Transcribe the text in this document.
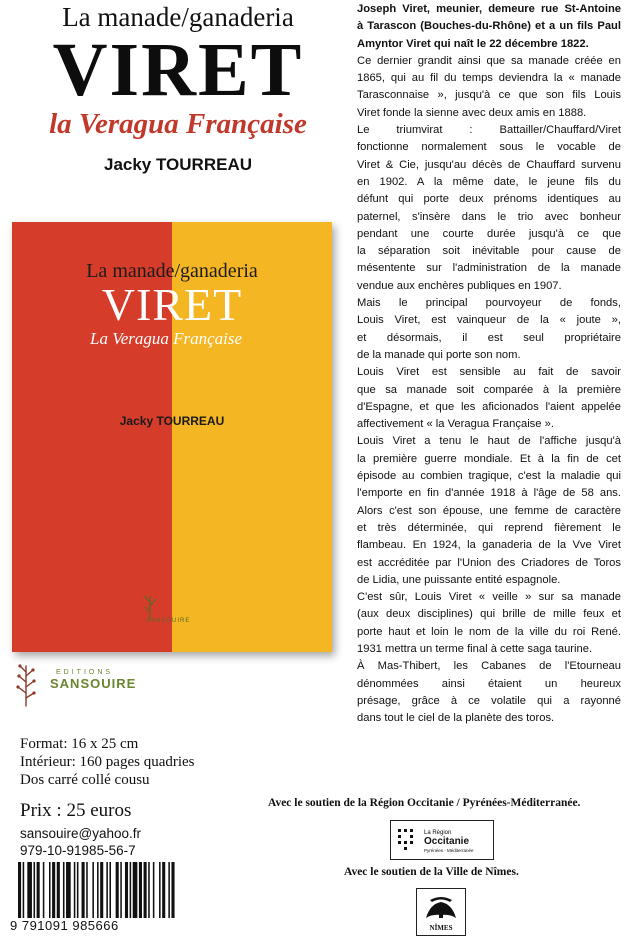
La manade/ganaderia
VIRET
la Veragua Française
Jacky TOURREAU
La manade/ganaderia
VIRET
La Veragua Française
Jacky TOURREAU
SANSOUIRE
EDITIONS
SANSOUIRE
Format: 16 x 25 cm
Intérieur: 160 pages quadries
Dos carré collé cousu
Prix : 25 euros
sansouire@yahoo.fr
979-10-91985-56-7
9 791091 985666
Joseph Viret, meunier, demeure rue St-Antoine
à Tarascon (Bouches-du-Rhône) et a un fils Paul
Amyntor Viret qui naît le 22 décembre 1822.
Ce dernier grandit ainsi que sa manade créée en
1865, qui au fil du temps deviendra la « manade
Tarasconnaise », jusqu'à ce que son fils Louis
Viret fonde la sienne avec deux amis en 1888.
Le triumvirat : Battailler/Chauffard/Viret
fonctionne normalement sous le vocable de
Viret & Cie, jusqu'au décès de Chauffard survenu
en 1902. A la même date, le jeune fils du
défunt qui porte deux prénoms identiques au
paternel, s'insère dans le trio avec bonheur
pendant une courte durée jusqu'à ce que
la séparation soit inévitable pour cause de
mésentente sur l'administration de la manade
vendue aux enchères publiques en 1907.
Mais le principal pourvoyeur de fonds,
Louis Viret, est vainqueur de la « joute »,
et désormais, il est seul propriétaire
de la manade qui porte son nom.
Louis Viret est sensible au fait de savoir
que sa manade soit comparée à la première
d'Espagne, et que les aficionados l'aient appelée
affectivement « la Veragua Française ».
Louis Viret a tenu le haut de l'affiche jusqu'à
la première guerre mondiale. Et à la fin de cet
épisode au combien tragique, c'est la maladie qui
l'emporte en fin d'année 1918 à l'âge de 58 ans.
Alors c'est son épouse, une femme de caractère
et très déterminée, qui reprend fièrement le
flambeau. En 1924, la ganaderia de la Vve Viret
est accréditée par l'Union des Criadores de Toros
de Lidia, une puissante entité espagnole.
C'est sûr, Louis Viret « veille » sur sa manade
(aux deux disciplines) qui brille de mille feux et
porte haut et loin le nom de la ville du roi René.
1931 mettra un terme final à cette saga taurine.
À Mas-Thibert, les Cabanes de l'Etourneau
dénommées ainsi étaient un heureux
présage, grâce à ce volatile qui a rayonné
dans tout le ciel de la planète des toros.
Avec le soutien de la Région Occitanie / Pyrénées-Méditerranée.
La Région
Occitanie
Pyrénées · Méditerranée
Avec le soutien de la Ville de Nîmes.
NÎMES
